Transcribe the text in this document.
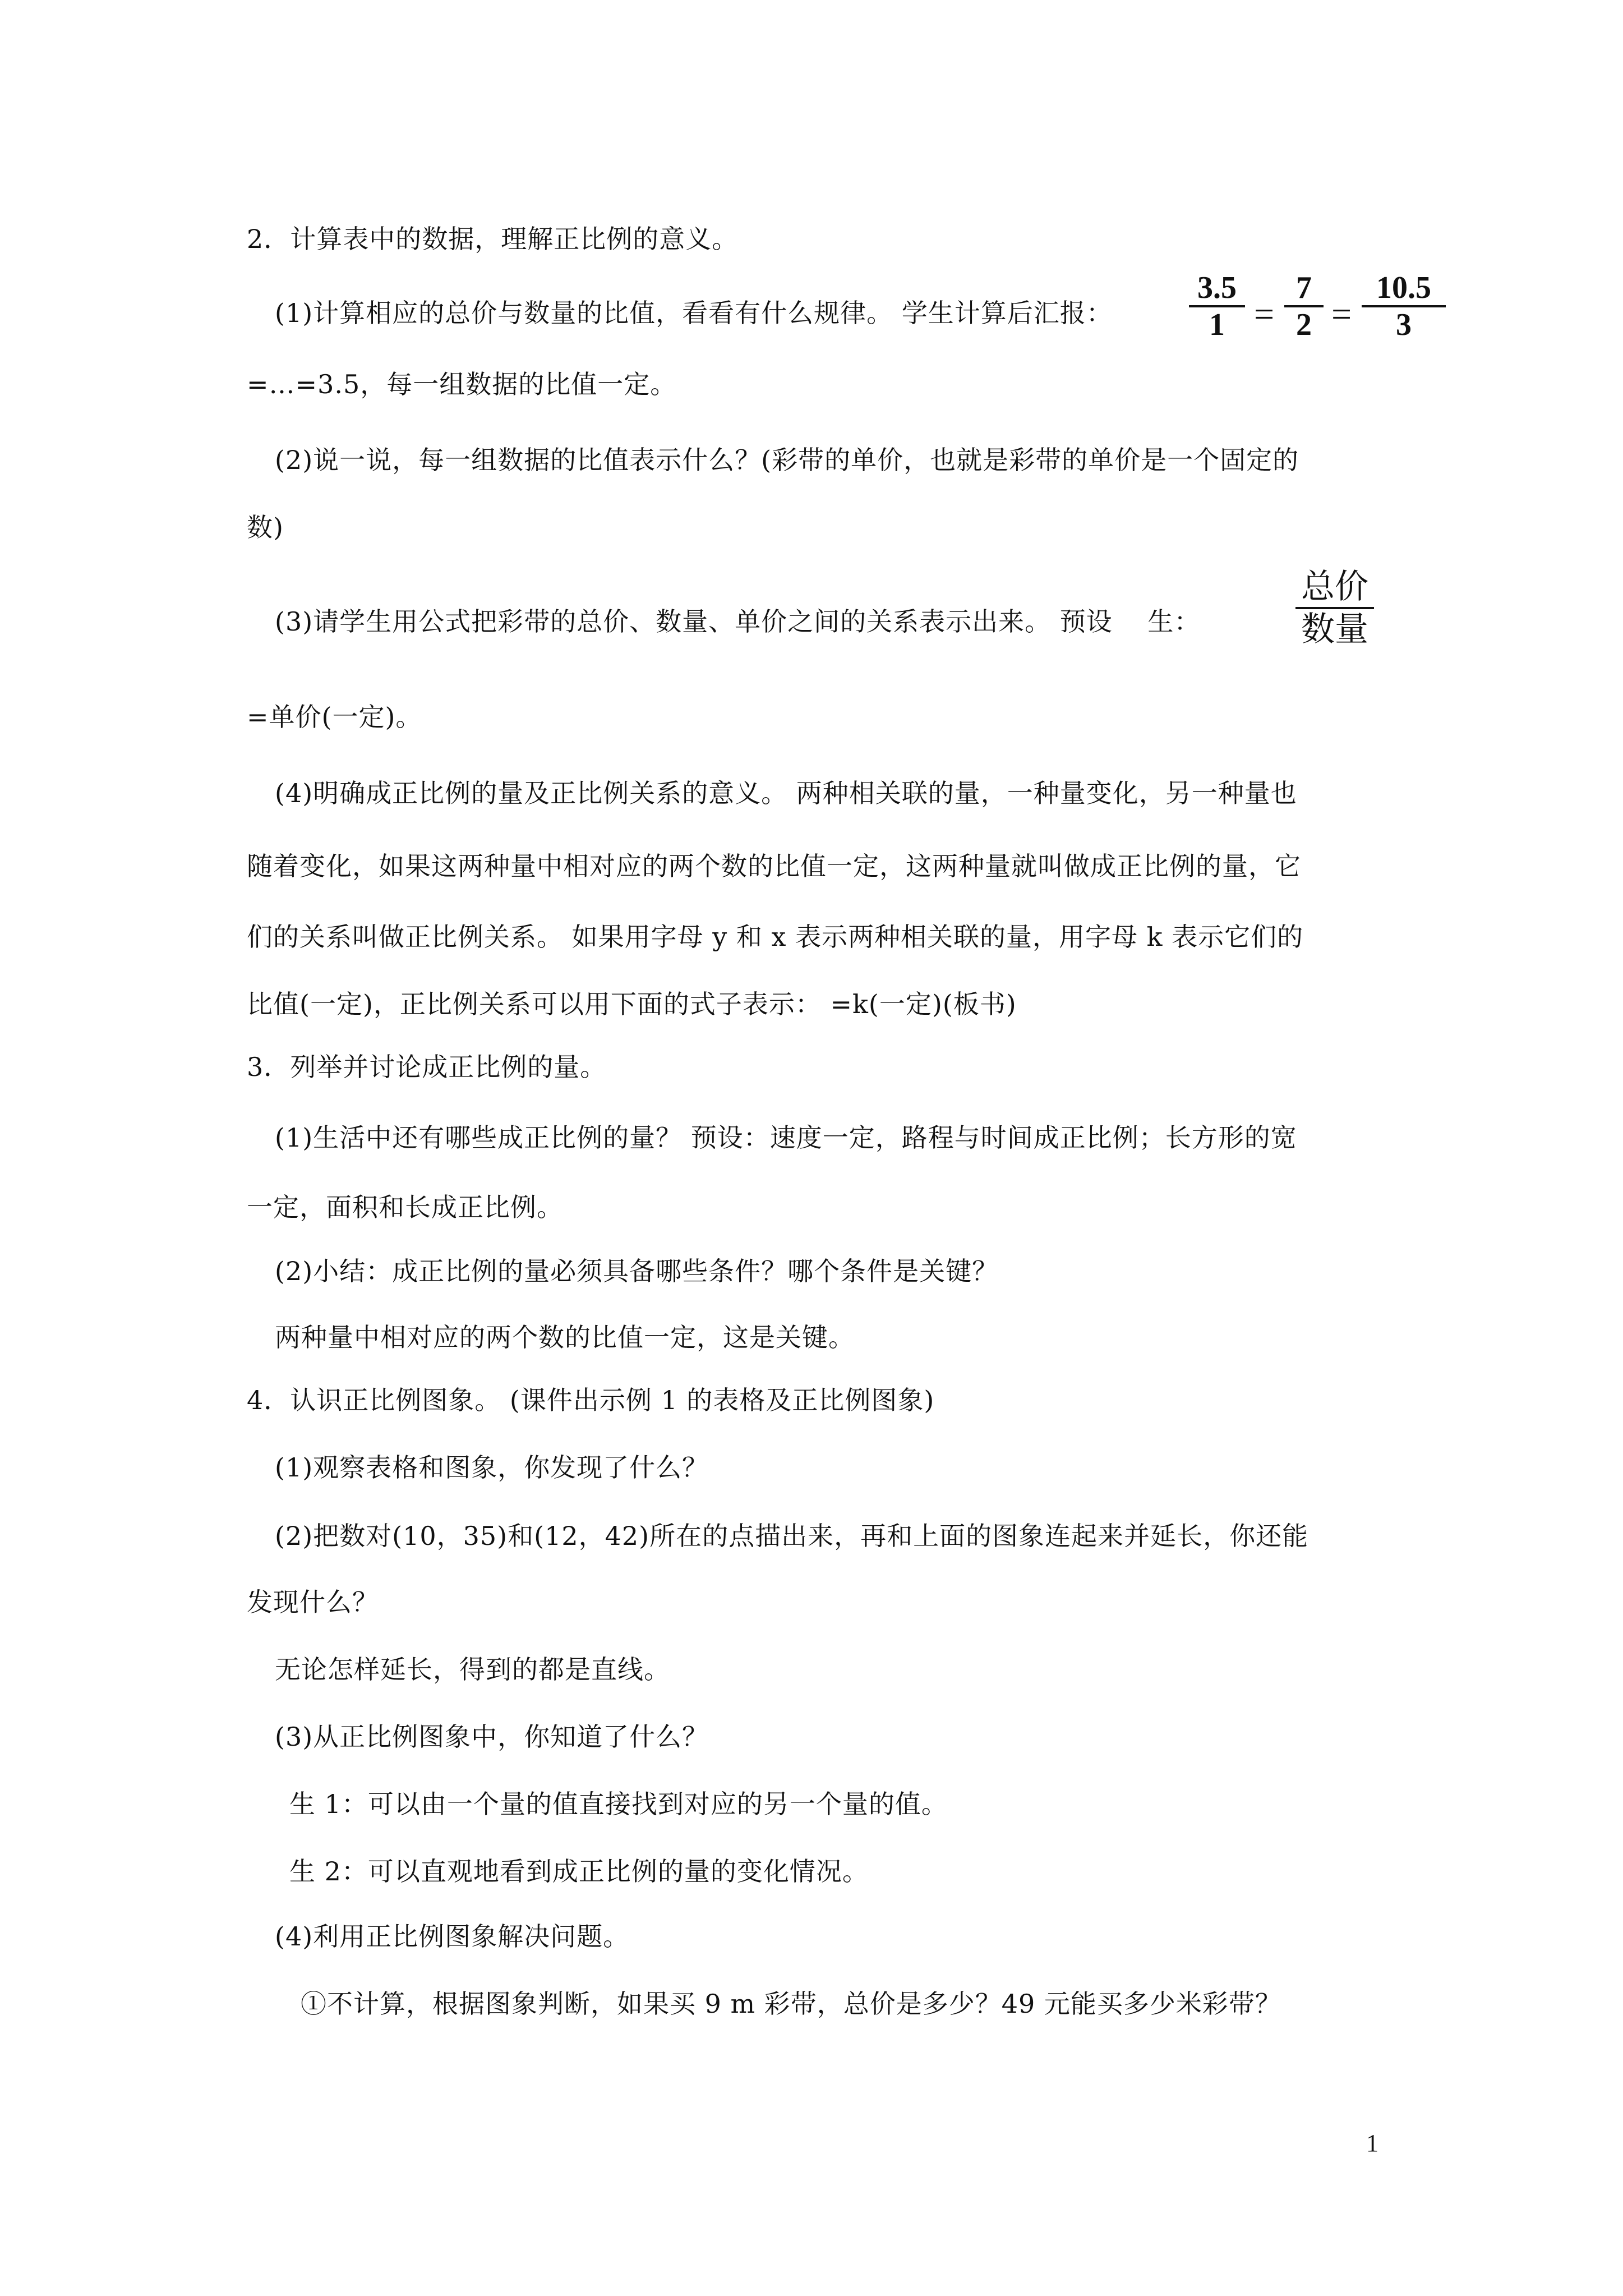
2．计算表中的数据，理解正比例的意义。
(1)计算相应的总价与数量的比值，看看有什么规律。 学生计算后汇报：
3.5
1 =
7
2 =
10.5
3
=…=3.5，每一组数据的比值一定。
(2)说一说，每一组数据的比值表示什么？(彩带的单价，也就是彩带的单价是一个固定的
数)
(3)请学生用公式把彩带的总价、数量、单价之间的关系表示出来。 预设　 生：
总价
数量
=单价(一定)。
(4)明确成正比例的量及正比例关系的意义。 两种相关联的量，一种量变化，另一种量也
随着变化，如果这两种量中相对应的两个数的比值一定，这两种量就叫做成正比例的量，它
们的关系叫做正比例关系。 如果用字母 y 和 x 表示两种相关联的量，用字母 k 表示它们的
比值(一定)，正比例关系可以用下面的式子表示： =k(一定)(板书)
3．列举并讨论成正比例的量。
(1)生活中还有哪些成正比例的量？ 预设：速度一定，路程与时间成正比例；长方形的宽
一定，面积和长成正比例。
(2)小结：成正比例的量必须具备哪些条件？哪个条件是关键？
两种量中相对应的两个数的比值一定，这是关键。
4．认识正比例图象。 (课件出示例 1 的表格及正比例图象)
(1)观察表格和图象，你发现了什么？
(2)把数对(10，35)和(12，42)所在的点描出来，再和上面的图象连起来并延长，你还能
发现什么？
无论怎样延长，得到的都是直线。
(3)从正比例图象中，你知道了什么？
生 1：可以由一个量的值直接找到对应的另一个量的值。
生 2：可以直观地看到成正比例的量的变化情况。
(4)利用正比例图象解决问题。
①不计算，根据图象判断，如果买 9 m 彩带，总价是多少？49 元能买多少米彩带？
1
